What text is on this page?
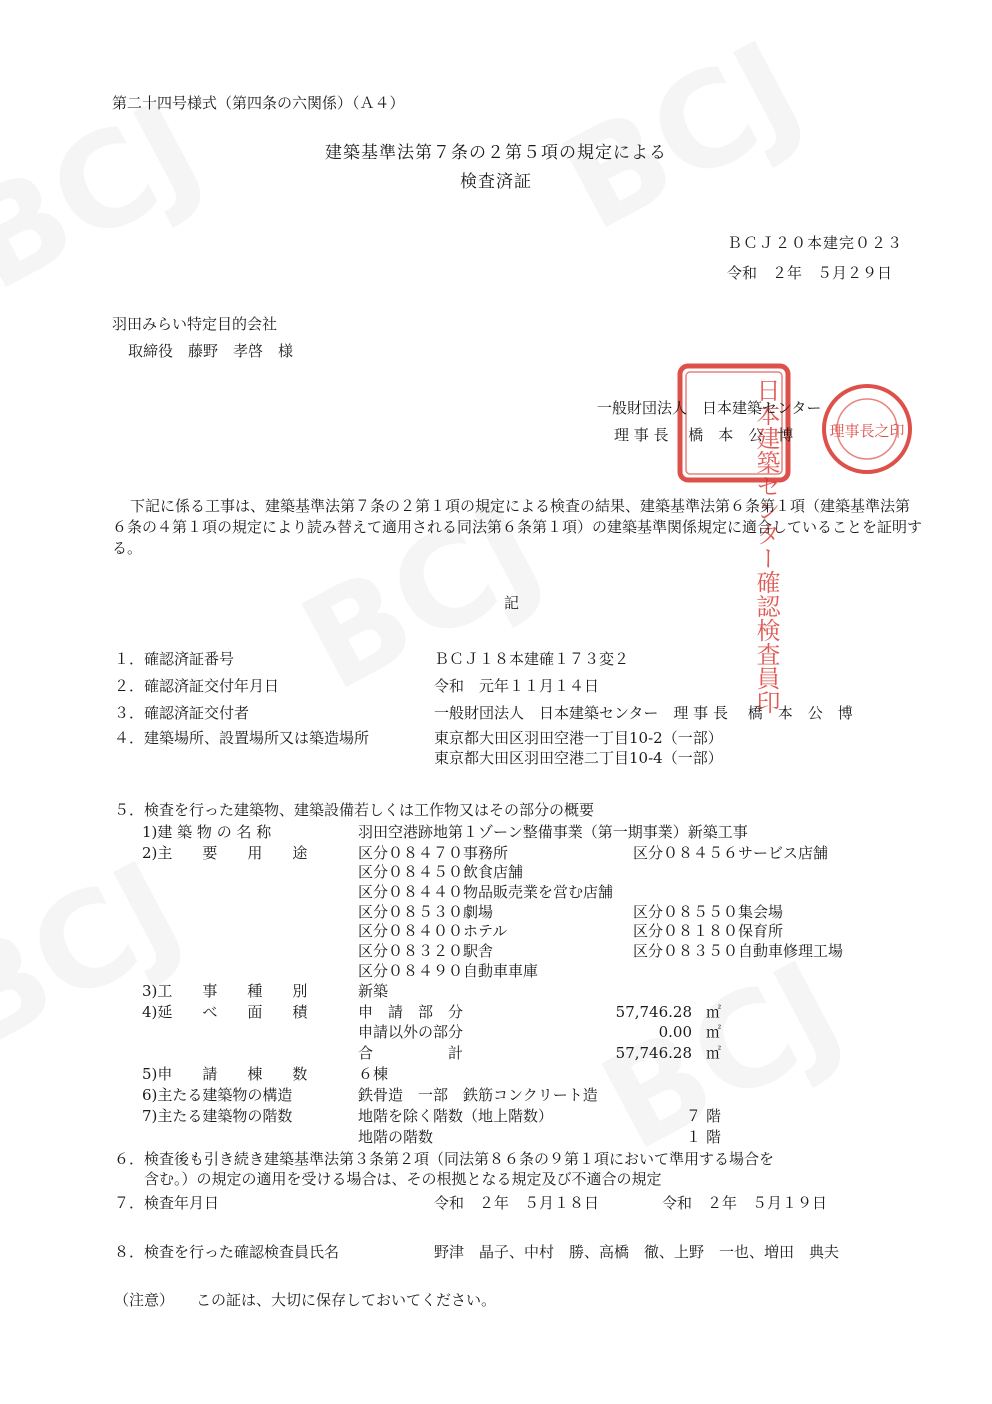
第二十四号様式（第四条の六関係）（Ａ４）
建築基準法第７条の２第５項の規定による
検査済証
ＢＣＪ２０本建完０２３
令和　２年　５月２９日
羽田みらい特定目的会社
取締役　藤野　孝啓　様
日本建築センター確認検査員印	理事長之印
一般財団法人　日本建築センター
理 事 長　 橋　本　公　博
下記に係る工事は、建築基準法第７条の２第１項の規定による検査の結果、建築基準法第６条第１項（建築基準法第６条の４第１項の規定により読み替えて適用される同法第６条第１項）の建築基準関係規定に適合していることを証明する。
記
１．確認済証番号	ＢＣＪ１８本建確１７３変２
２．確認済証交付年月日	令和　元年１１月１４日
３．確認済証交付者	一般財団法人　日本建築センター　理 事 長　 橋　本　公　博
４．建築場所、設置場所又は築造場所	東京都大田区羽田空港一丁目10-2（一部）
東京都大田区羽田空港二丁目10-4（一部）
５．検査を行った建築物、建築設備若しくは工作物又はその部分の概要
1)建 築 物 の 名 称	羽田空港跡地第１ゾーン整備事業（第一期事業）新築工事
2)主　　要　　用　　途	区分０８４７０事務所	区分０８４５６サービス店舗
区分０８４５０飲食店舗
区分０８４４０物品販売業を営む店舗
区分０８５３０劇場	区分０８５５０集会場
区分０８４００ホテル	区分０８１８０保育所
区分０８３２０駅舎	区分０８３５０自動車修理工場
区分０８４９０自動車車庫
3)工　　事　　種　　別	新築
4)延　　べ　　面　　積	申　請　部　分	57,746.28 ㎡
申請以外の部分	0.00 ㎡
合　　　　　計	57,746.28 ㎡
5)申　　請　　棟　　数	６棟
6)主たる建築物の構造	鉄骨造　一部　鉄筋コンクリート造
7)主たる建築物の階数	地階を除く階数（地上階数）	７ 階
地階の階数	１ 階
６．検査後も引き続き建築基準法第３条第２項（同法第８６条の９第１項において準用する場合を
含む。）の規定の適用を受ける場合は、その根拠となる規定及び不適合の規定
７．検査年月日	令和　２年　５月１８日	令和　２年　５月１９日
８．検査を行った確認検査員氏名	野津　晶子、中村　勝、高橋　徹、上野　一也、増田　典夫
（注意） この証は、大切に保存しておいてください。
